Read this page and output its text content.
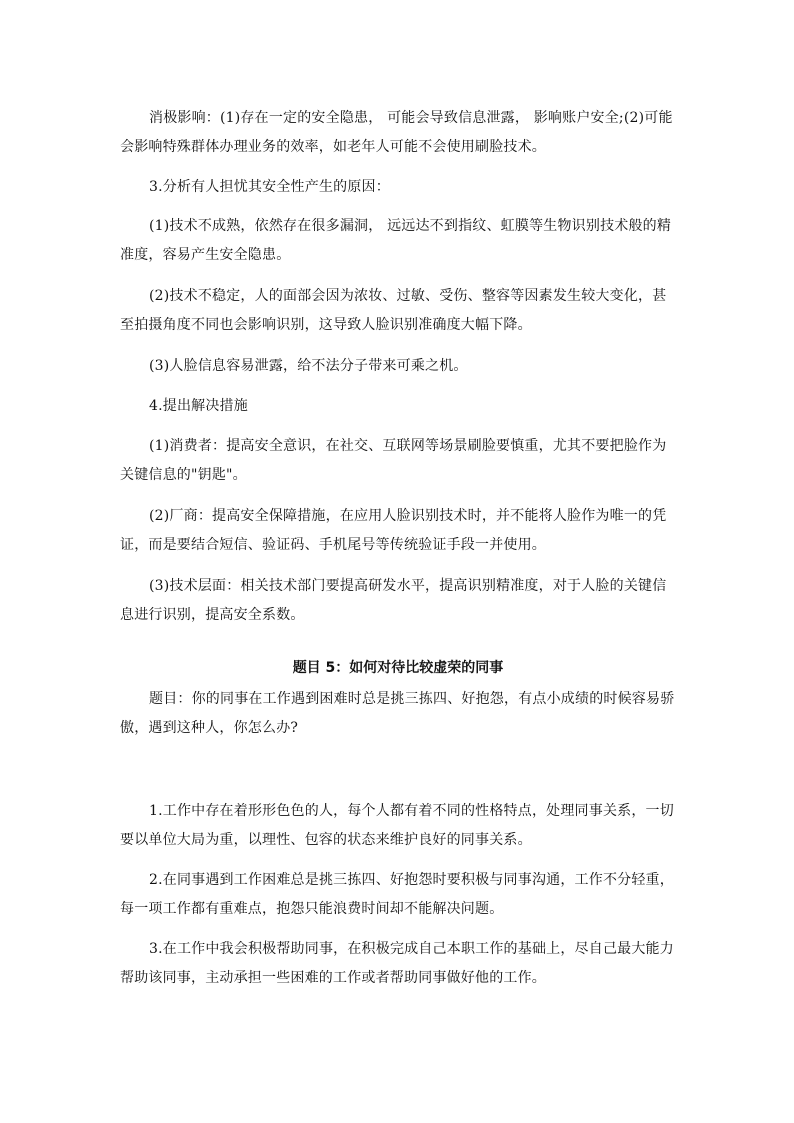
消极影响：(1)存在一定的安全隐患， 可能会导致信息泄露， 影响账户安全;(2)可能会影响特殊群体办理业务的效率，如老年人可能不会使用刷脸技术。

3.分析有人担忧其安全性产生的原因：

(1)技术不成熟，依然存在很多漏洞， 远远达不到指纹、虹膜等生物识别技术般的精准度，容易产生安全隐患。

(2)技术不稳定，人的面部会因为浓妆、过敏、受伤、整容等因素发生较大变化，甚至拍摄角度不同也会影响识别，这导致人脸识别准确度大幅下降。

(3)人脸信息容易泄露，给不法分子带来可乘之机。

4.提出解决措施

(1)消费者：提高安全意识，在社交、互联网等场景刷脸要慎重，尤其不要把脸作为关键信息的"钥匙"。

(2)厂商：提高安全保障措施，在应用人脸识别技术时，并不能将人脸作为唯一的凭证，而是要结合短信、验证码、手机尾号等传统验证手段一并使用。

(3)技术层面：相关技术部门要提高研发水平，提高识别精准度，对于人脸的关键信息进行识别，提高安全系数。

题目 5：如何对待比较虚荣的同事

题目：你的同事在工作遇到困难时总是挑三拣四、好抱怨，有点小成绩的时候容易骄傲，遇到这种人，你怎么办?

1.工作中存在着形形色色的人，每个人都有着不同的性格特点，处理同事关系，一切要以单位大局为重，以理性、包容的状态来维护良好的同事关系。

2.在同事遇到工作困难总是挑三拣四、好抱怨时要积极与同事沟通，工作不分轻重，每一项工作都有重难点，抱怨只能浪费时间却不能解决问题。

3.在工作中我会积极帮助同事，在积极完成自己本职工作的基础上，尽自己最大能力帮助该同事，主动承担一些困难的工作或者帮助同事做好他的工作。
